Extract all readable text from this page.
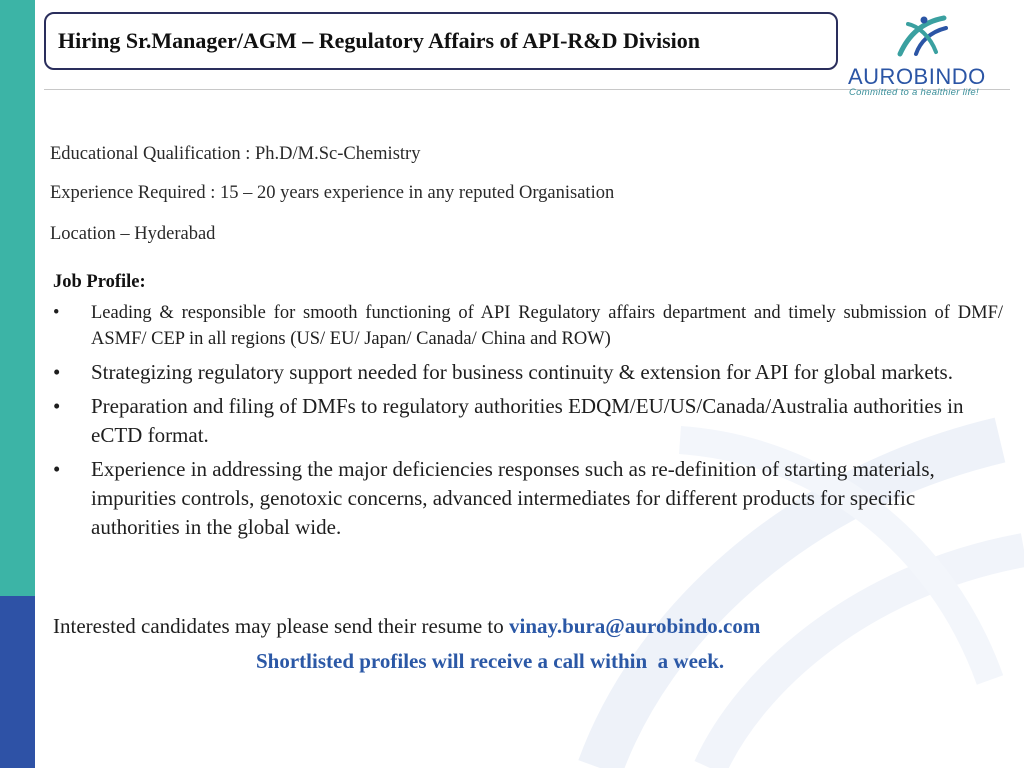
Hiring Sr.Manager/AGM – Regulatory Affairs of API-R&D Division
AUROBINDO
Committed to a healthier life!
Educational Qualification : Ph.D/M.Sc-Chemistry
Experience Required : 15 – 20 years experience in any reputed Organisation
Location – Hyderabad
Job Profile:
• Leading & responsible for smooth functioning of API Regulatory affairs department and timely submission of DMF/ ASMF/ CEP in all regions (US/ EU/ Japan/ Canada/ China and ROW)
• Strategizing regulatory support needed for business continuity & extension for API for global markets.
• Preparation and filing of DMFs to regulatory authorities EDQM/EU/US/Canada/Australia authorities in eCTD format.
• Experience in addressing the major deficiencies responses such as re-definition of starting materials, impurities controls, genotoxic concerns, advanced intermediates for different products for specific authorities in the global wide.
Interested candidates may please send their resume to vinay.bura@aurobindo.com
Shortlisted profiles will receive a call within  a week.
